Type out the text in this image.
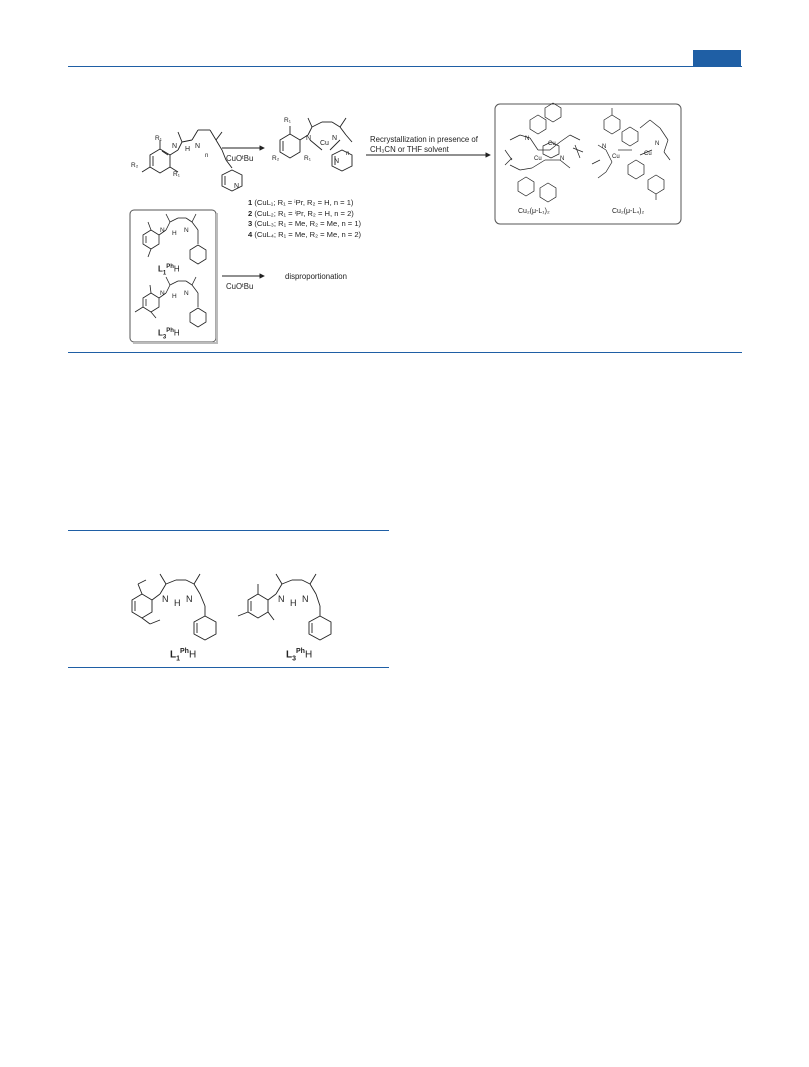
N H N
R₁
R₁
R₂
n
N
N
Cu
N
R₁
R₁
R₂
n
N	Cu
Cu
N
N	Cu	Cu
N	N
N H N
N H N
CuOᵗBu
Recrystallization in presence of
CH₃CN or THF solvent
1 (CuL₁; R₁ = ⁱPr, R₂ = H, n = 1)
2 (CuL₂; R₁ = ⁱPr, R₂ = H, n = 2)
3 (CuL₃; R₁ = Me, R₂ = Me, n = 1)
4 (CuL₄; R₁ = Me, R₂ = Me, n = 2)
Cu₂(μ-L₁)₂	Cu₂(μ-L₄)₂
CuOᵗBu
disproportionation
$L_1^{Ph}H$
$L_3^{Ph}H$
N H N	N H N
$L_1^{Ph}H$	$L_3^{Ph}H$
